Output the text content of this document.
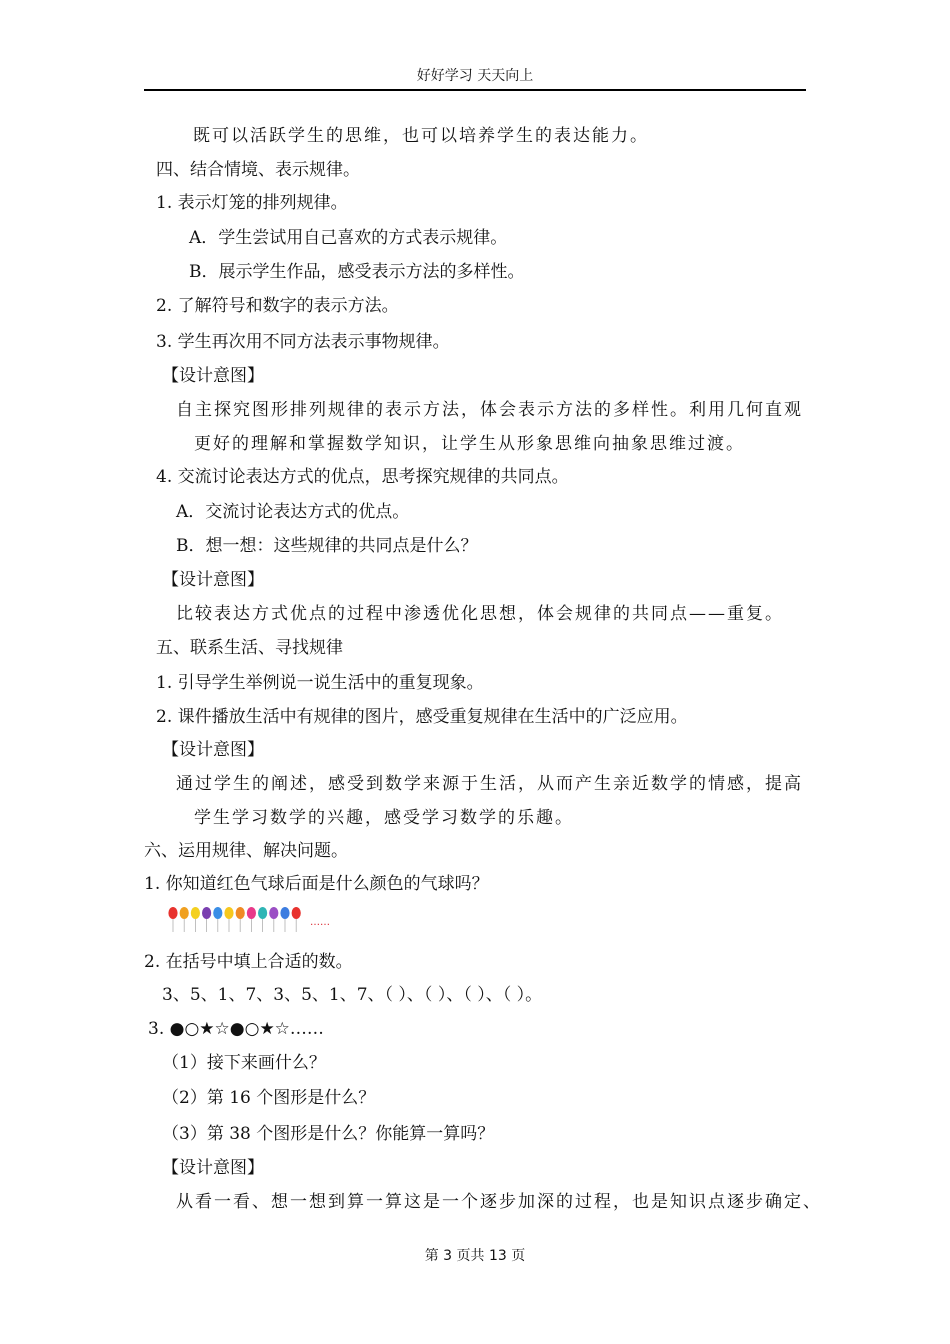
好好学习 天天向上
既可以活跃学生的思维，也可以培养学生的表达能力。
四、结合情境、表示规律。
1. 表示灯笼的排列规律。
A．学生尝试用自己喜欢的方式表示规律。
B．展示学生作品，感受表示方法的多样性。
2. 了解符号和数字的表示方法。
3. 学生再次用不同方法表示事物规律。
【设计意图】
自主探究图形排列规律的表示方法，体会表示方法的多样性。利用几何直观
更好的理解和掌握数学知识，让学生从形象思维向抽象思维过渡。
4. 交流讨论表达方式的优点，思考探究规律的共同点。
A．交流讨论表达方式的优点。
B．想一想：这些规律的共同点是什么？
【设计意图】
比较表达方式优点的过程中渗透优化思想，体会规律的共同点——重复。
五、联系生活、寻找规律
1. 引导学生举例说一说生活中的重复现象。
2. 课件播放生活中有规律的图片，感受重复规律在生活中的广泛应用。
【设计意图】
通过学生的阐述，感受到数学来源于生活，从而产生亲近数学的情感，提高
学生学习数学的兴趣，感受学习数学的乐趣。
六、运用规律、解决问题。
1. 你知道红色气球后面是什么颜色的气球吗？
……
2. 在括号中填上合适的数。
3、5、1、7、3、5、1、7、（ ）、（ ）、（ ）、（ ）。
3. ●○★☆●○★☆……
（1）接下来画什么？
（2）第 16 个图形是什么？
（3）第 38 个图形是什么？你能算一算吗？
【设计意图】
从看一看、想一想到算一算这是一个逐步加深的过程，也是知识点逐步确定、
第 3 页共 13 页
